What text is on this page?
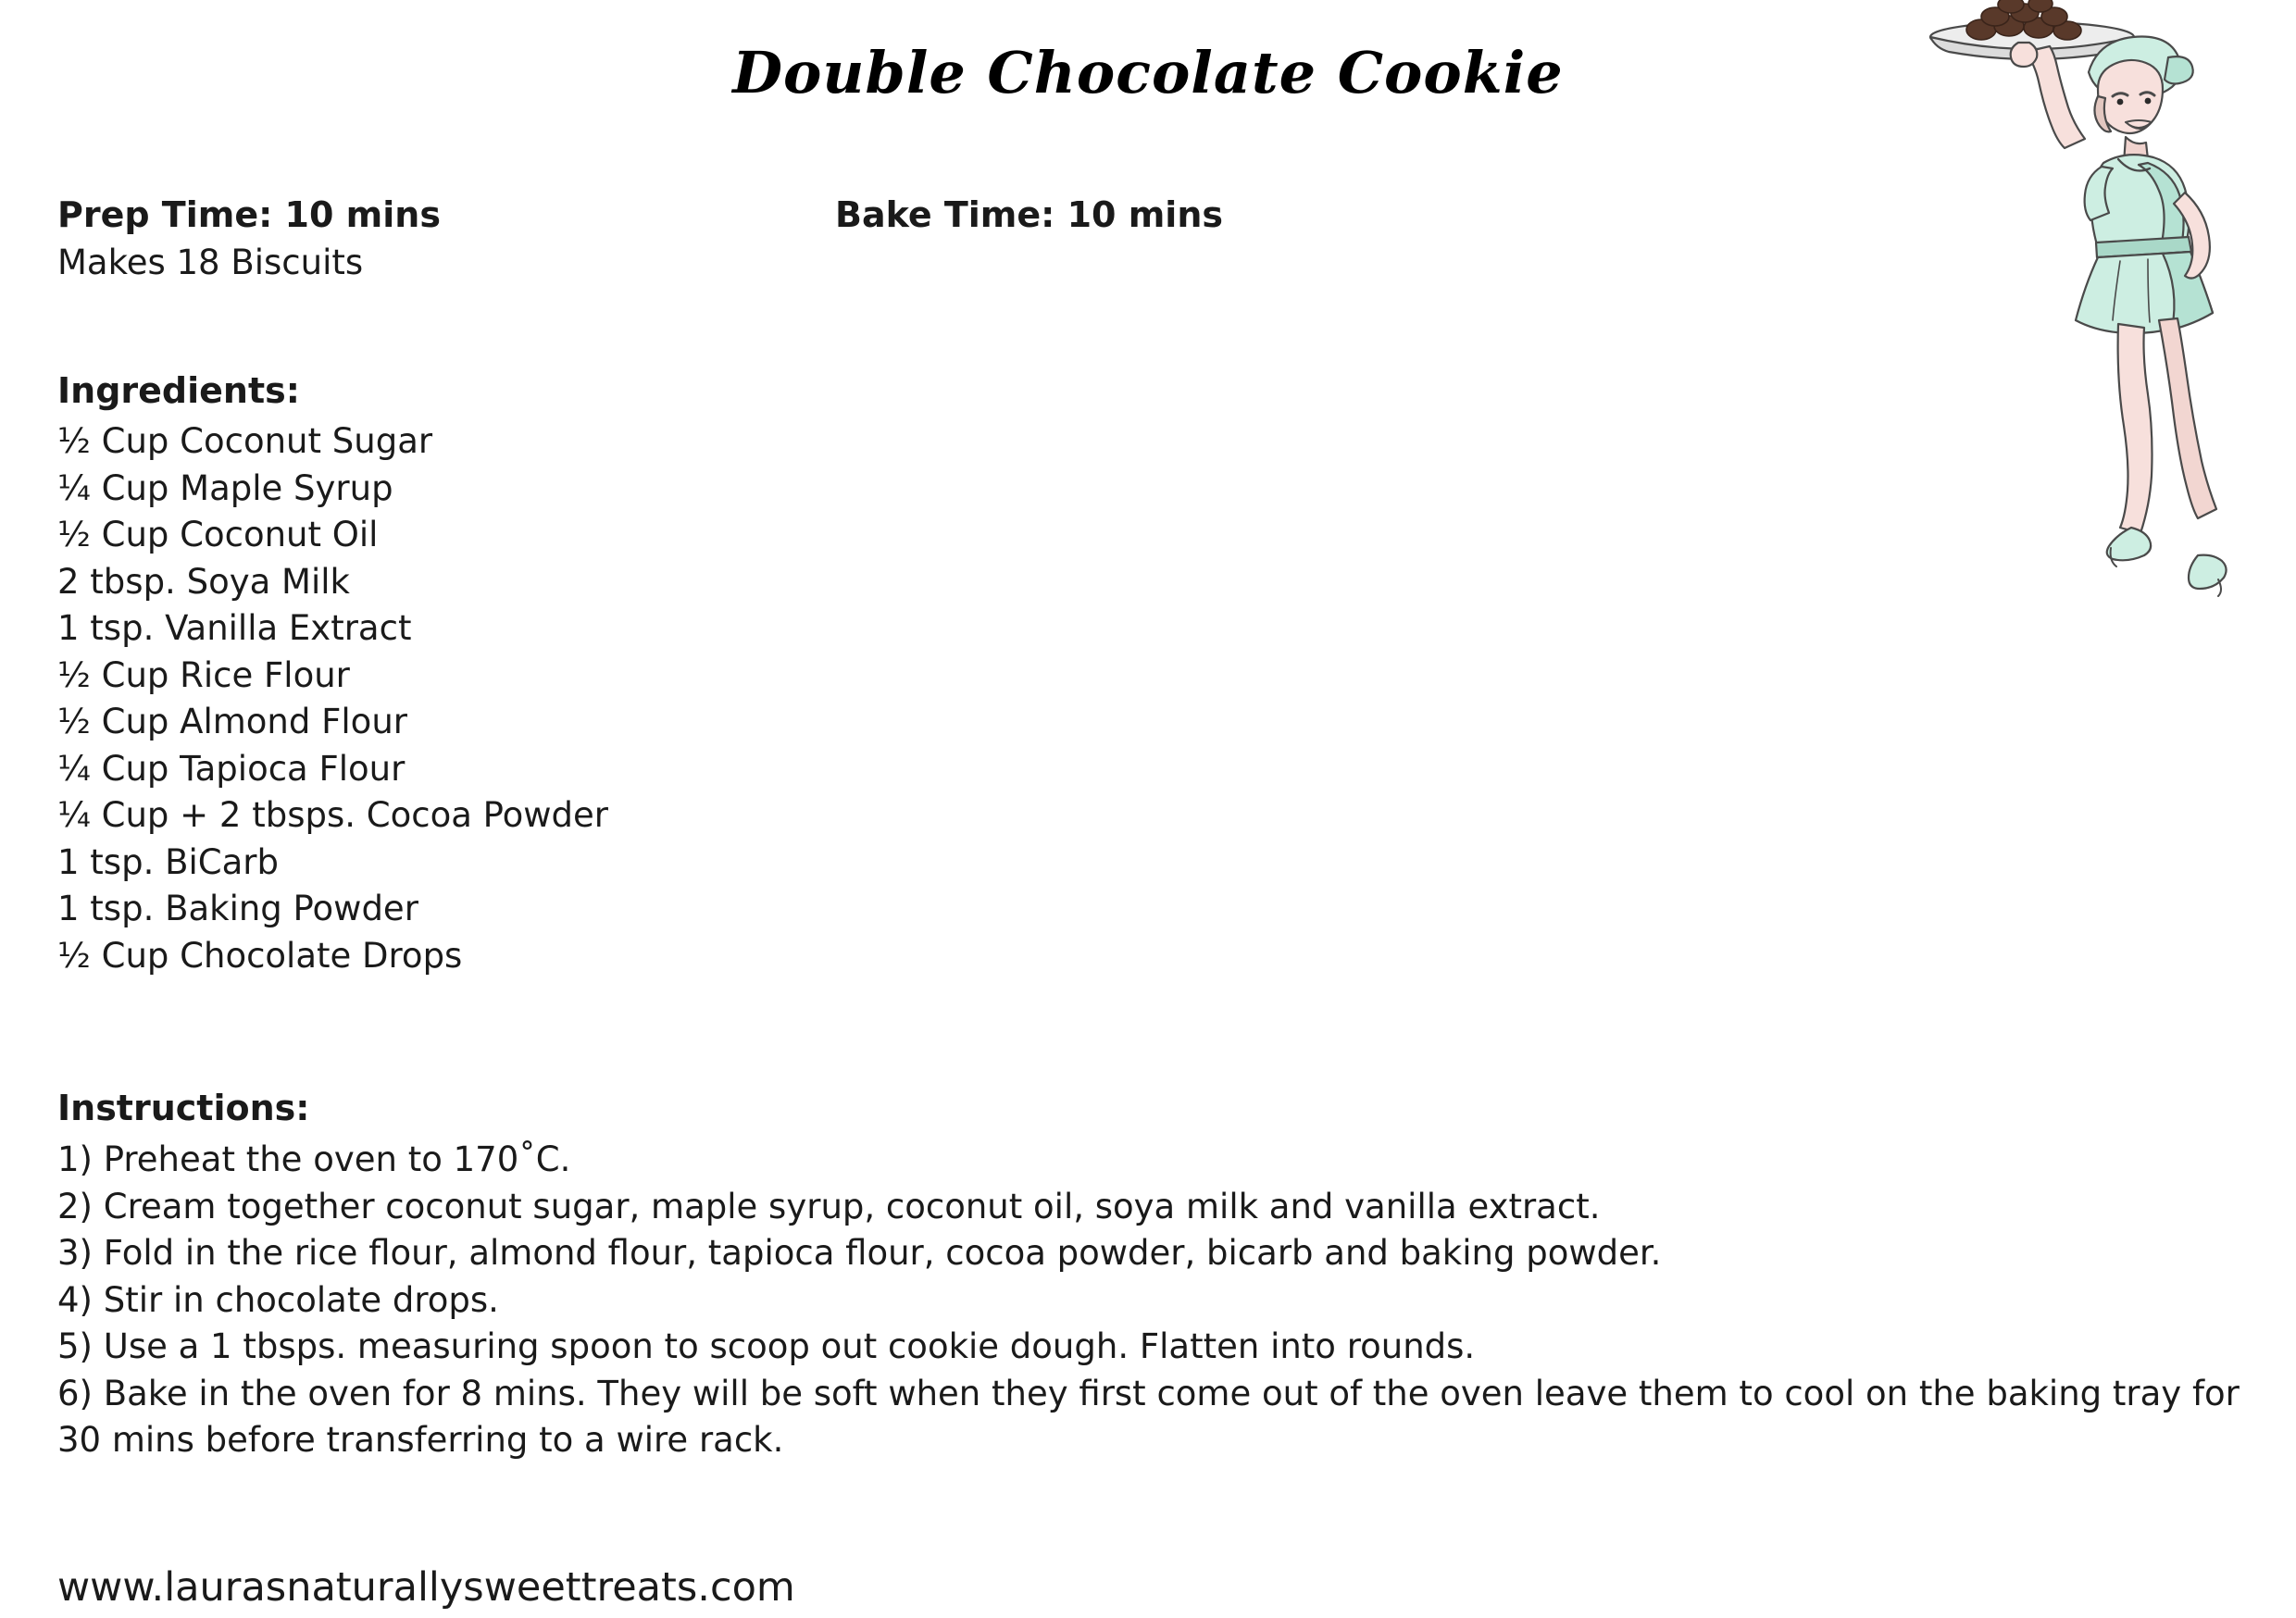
Double Chocolate Cookie
Prep Time: 10 mins	Bake Time: 10 mins
Makes 18 Biscuits
Ingredients:
½ Cup Coconut Sugar
¼ Cup Maple Syrup
½ Cup Coconut Oil
2 tbsp. Soya Milk
1 tsp. Vanilla Extract
½ Cup Rice Flour
½ Cup Almond Flour
¼ Cup Tapioca Flour
¼ Cup + 2 tbsps. Cocoa Powder
1 tsp. BiCarb
1 tsp. Baking Powder
½ Cup Chocolate Drops
Instructions:
1) Preheat the oven to 170˚C.
2) Cream together coconut sugar, maple syrup, coconut oil, soya milk and vanilla extract.
3) Fold in the rice flour, almond flour, tapioca flour, cocoa powder, bicarb and baking powder.
4) Stir in chocolate drops.
5) Use a 1 tbsps. measuring spoon to scoop out cookie dough. Flatten into rounds.
6) Bake in the oven for 8 mins. They will be soft when they first come out of the oven leave them to cool on the baking tray for 30 mins before transferring to a wire rack.
www.laurasnaturallysweettreats.com
